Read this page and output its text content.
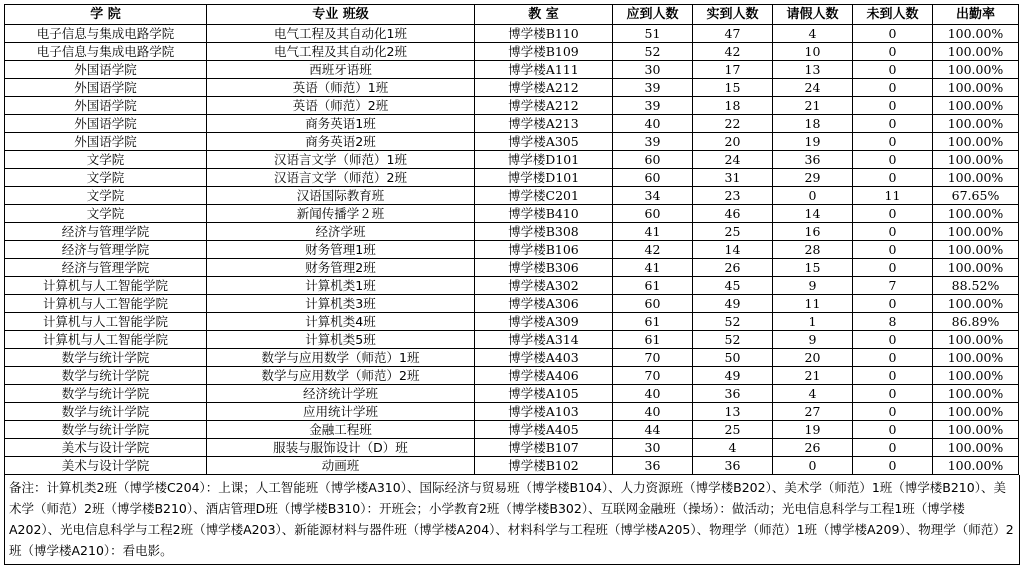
学 院	专业 班级	教 室	应到人数	实到人数	请假人数	未到人数	出勤率
电子信息与集成电路学院	电气工程及其自动化1班	博学楼B110	51	47	4	0	100.00%
电子信息与集成电路学院	电气工程及其自动化2班	博学楼B109	52	42	10	0	100.00%
外国语学院	西班牙语班	博学楼A111	30	17	13	0	100.00%
外国语学院	英语（师范）1班	博学楼A212	39	15	24	0	100.00%
外国语学院	英语（师范）2班	博学楼A212	39	18	21	0	100.00%
外国语学院	商务英语1班	博学楼A213	40	22	18	0	100.00%
外国语学院	商务英语2班	博学楼A305	39	20	19	0	100.00%
文学院	汉语言文学（师范）1班	博学楼D101	60	24	36	0	100.00%
文学院	汉语言文学（师范）2班	博学楼D101	60	31	29	0	100.00%
文学院	汉语国际教育班	博学楼C201	34	23	0	11	67.65%
文学院	新闻传播学２班	博学楼B410	60	46	14	0	100.00%
经济与管理学院	经济学班	博学楼B308	41	25	16	0	100.00%
经济与管理学院	财务管理1班	博学楼B106	42	14	28	0	100.00%
经济与管理学院	财务管理2班	博学楼B306	41	26	15	0	100.00%
计算机与人工智能学院	计算机类1班	博学楼A302	61	45	9	7	88.52%
计算机与人工智能学院	计算机类3班	博学楼A306	60	49	11	0	100.00%
计算机与人工智能学院	计算机类4班	博学楼A309	61	52	1	8	86.89%
计算机与人工智能学院	计算机类5班	博学楼A314	61	52	9	0	100.00%
数学与统计学院	数学与应用数学（师范）1班	博学楼A403	70	50	20	0	100.00%
数学与统计学院	数学与应用数学（师范）2班	博学楼A406	70	49	21	0	100.00%
数学与统计学院	经济统计学班	博学楼A105	40	36	4	0	100.00%
数学与统计学院	应用统计学班	博学楼A103	40	13	27	0	100.00%
数学与统计学院	金融工程班	博学楼A405	44	25	19	0	100.00%
美术与设计学院	服装与服饰设计（D）班	博学楼B107	30	4	26	0	100.00%
美术与设计学院	动画班	博学楼B102	36	36	0	0	100.00%
备注：计算机类2班（博学楼C204）：上课；人工智能班（博学楼A310）、国际经济与贸易班（博学楼B104）、人力资源班（博学楼B202）、美术学（师范）1班（博学楼B210）、美术学（师范）2班（博学楼B210）、酒店管理D班（博学楼B310）：开班会；小学教育2班（博学楼B302）、互联网金融班（操场）：做活动；光电信息科学与工程1班（博学楼A202）、光电信息科学与工程2班（博学楼A203）、新能源材料与器件班（博学楼A204）、材料科学与工程班（博学楼A205）、物理学（师范）1班（博学楼A209）、物理学（师范）2班（博学楼A210）：看电影。
